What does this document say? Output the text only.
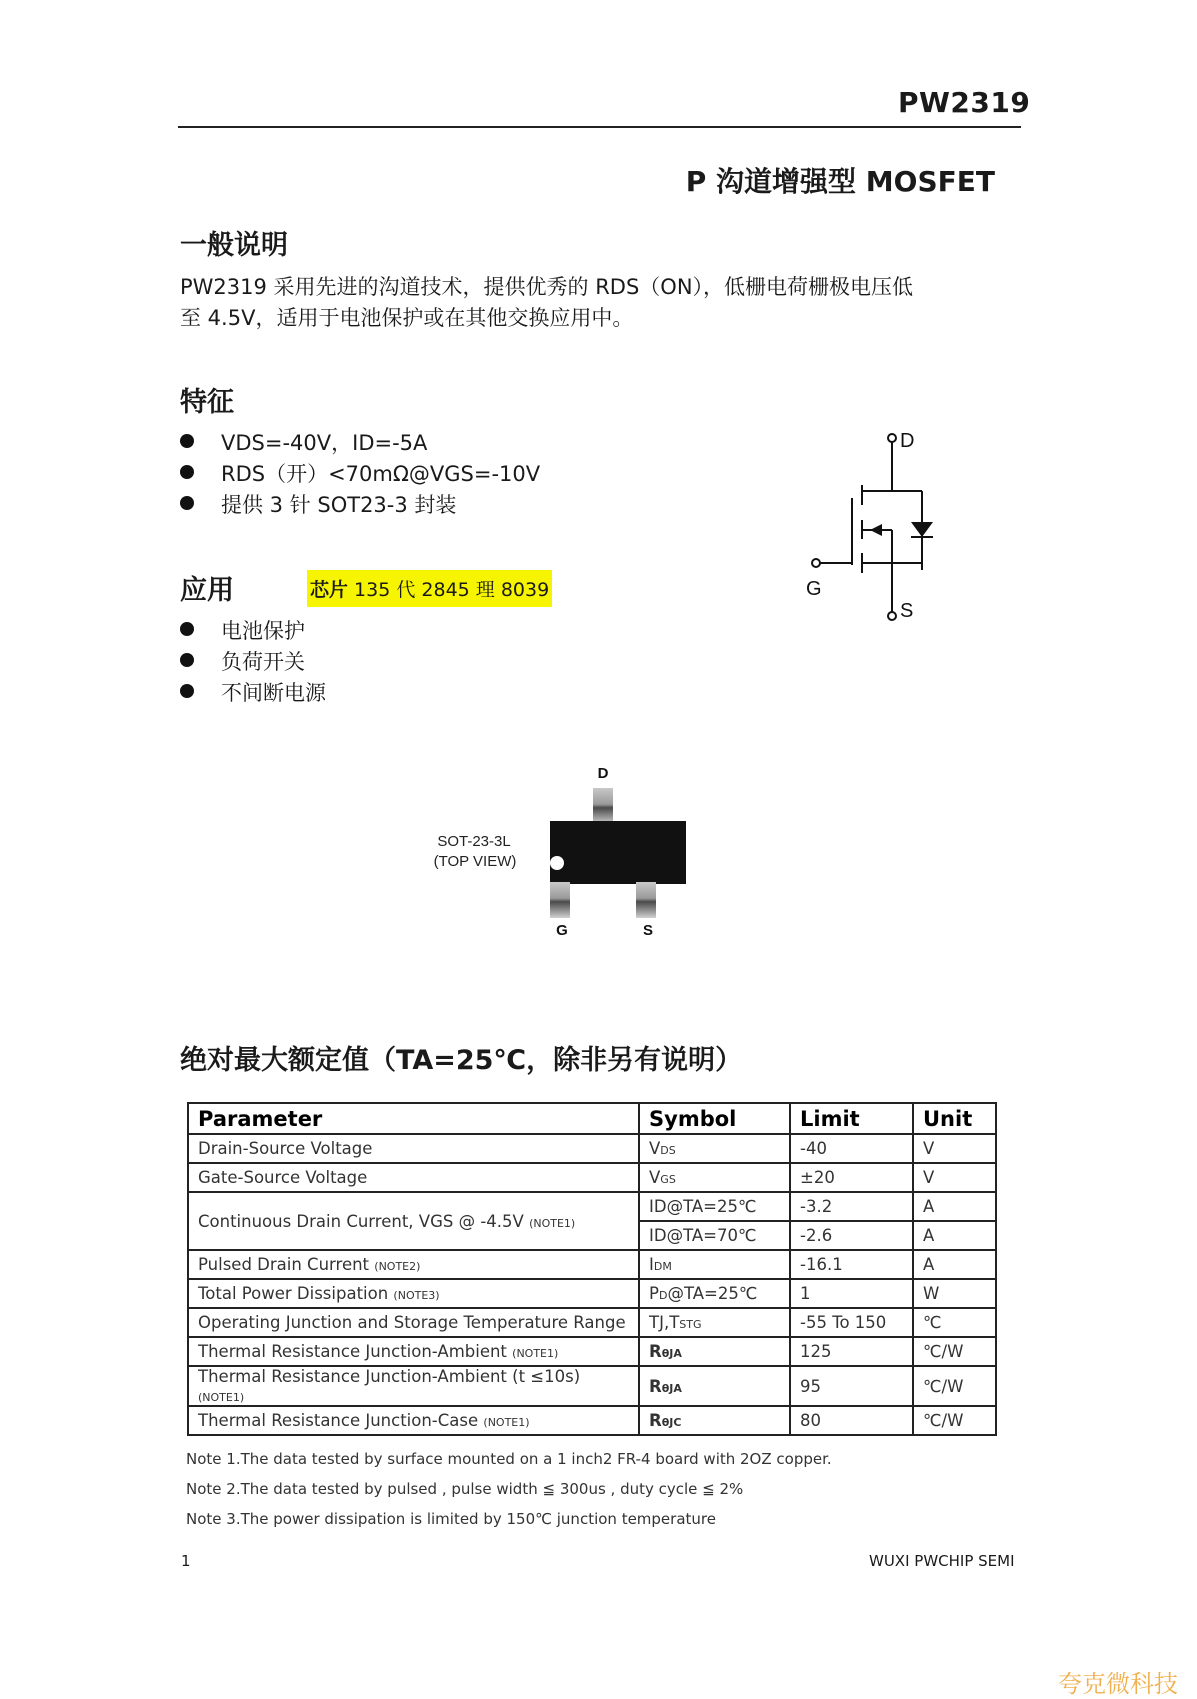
PW2319
P 沟道增强型 MOSFET
一般说明
PW2319 采用先进的沟道技术，提供优秀的 RDS（ON），低栅电荷栅极电压低
至 4.5V，适用于电池保护或在其他交换应用中。
特征
VDS=-40V，ID=-5A
RDS（开）<70mΩ@VGS=-10V
提供 3 针 SOT23-3 封装
应用	芯片 135 代 2845 理 8039
电池保护
负荷开关
不间断电源
D
G
S
D
G	S
SOT-23-3L
(TOP VIEW)
绝对最大额定值（TA=25℃，除非另有说明）
Parameter	Symbol	Limit	Unit
Drain-Source Voltage	VDS	-40	V
Gate-Source Voltage	VGS	±20	V
Continuous Drain Current, VGS @ -4.5V (NOTE1)	ID@TA=25℃	-3.2	A
	ID@TA=70℃	-2.6	A
Pulsed Drain Current (NOTE2)	IDM	-16.1	A
Total Power Dissipation (NOTE3)	PD@TA=25℃	1	W
Operating Junction and Storage Temperature Range	TJ,TSTG	-55 To 150	℃
Thermal Resistance Junction-Ambient (NOTE1)	RθJA	125	℃/W
Thermal Resistance Junction-Ambient (t ≤10s) (NOTE1)	RθJA	95	℃/W
Thermal Resistance Junction-Case (NOTE1)	RθJC	80	℃/W
Note 1.The data tested by surface mounted on a 1 inch2 FR-4 board with 2OZ copper.
Note 2.The data tested by pulsed , pulse width ≦ 300us , duty cycle ≦ 2%
Note 3.The power dissipation is limited by 150℃ junction temperature
1	WUXI PWCHIP SEMI
夸克微科技
